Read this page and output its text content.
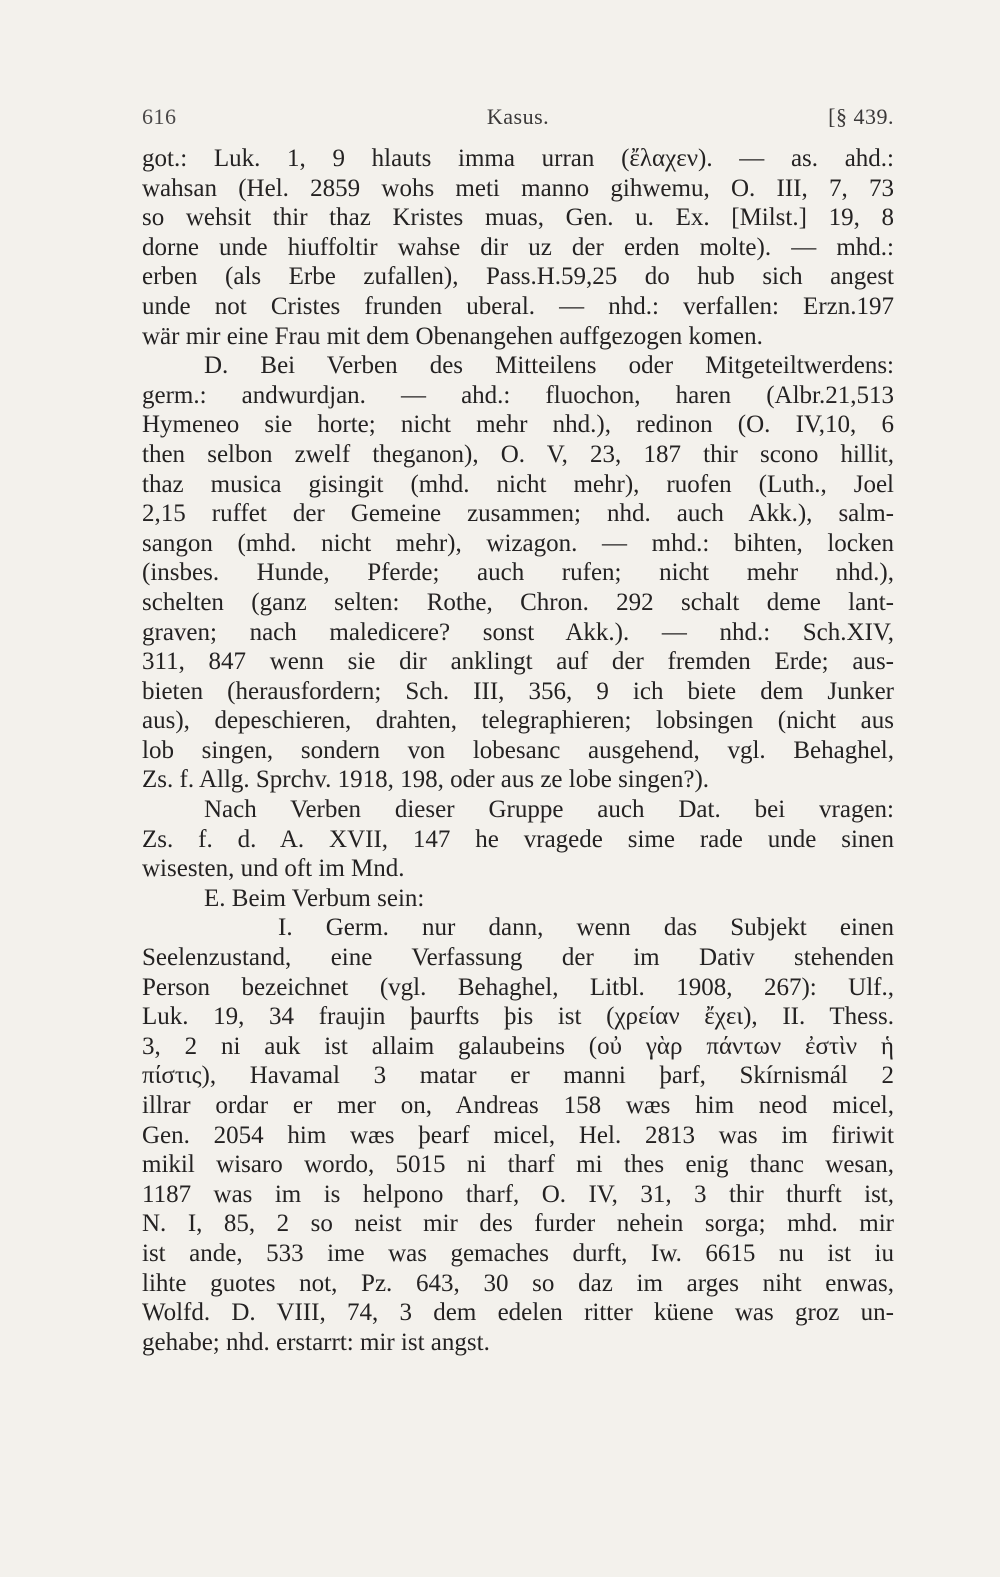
616	Kasus.	[§ 439.
got.: Luk. 1, 9 hlauts imma urran (ἔλαχεν). — as. ahd.:
wahsan (Hel. 2859 wohs meti manno gihwemu, O. III, 7, 73
so wehsit thir thaz Kristes muas, Gen. u. Ex. [Milst.] 19, 8
dorne unde hiuffoltir wahse dir uz der erden molte). — mhd.:
erben (als Erbe zufallen), Pass.H.59,25 do hub sich angest
unde not Cristes frunden uberal. — nhd.: verfallen: Erzn.197
wär mir eine Frau mit dem Obenangehen auffgezogen komen.
D. Bei Verben des Mitteilens oder Mitgeteiltwerdens:
germ.: andwurdjan. — ahd.: fluochon, haren (Albr.21,513
Hymeneo sie horte; nicht mehr nhd.), redinon (O. IV,10, 6
then selbon zwelf theganon), O. V, 23, 187 thir scono hillit,
thaz musica gisingit (mhd. nicht mehr), ruofen (Luth., Joel
2,15 ruffet der Gemeine zusammen; nhd. auch Akk.), salm-
sangon (mhd. nicht mehr), wizagon. — mhd.: bihten, locken
(insbes. Hunde, Pferde; auch rufen; nicht mehr nhd.),
schelten (ganz selten: Rothe, Chron. 292 schalt deme lant-
graven; nach maledicere? sonst Akk.). — nhd.: Sch.XIV,
311, 847 wenn sie dir anklingt auf der fremden Erde; aus-
bieten (herausfordern; Sch. III, 356, 9 ich biete dem Junker
aus), depeschieren, drahten, telegraphieren; lobsingen (nicht aus
lob singen, sondern von lobesanc ausgehend, vgl. Behaghel,
Zs. f. Allg. Sprchv. 1918, 198, oder aus ze lobe singen?).
Nach Verben dieser Gruppe auch Dat. bei vragen:
Zs. f. d. A. XVII, 147 he vragede sime rade unde sinen
wisesten, und oft im Mnd.
E. Beim Verbum sein:
I. Germ. nur dann, wenn das Subjekt einen
Seelenzustand, eine Verfassung der im Dativ stehenden
Person bezeichnet (vgl. Behaghel, Litbl. 1908, 267): Ulf.,
Luk. 19, 34 fraujin þaurfts þis ist (χρείαν ἔχει), II. Thess.
3, 2 ni auk ist allaim galaubeins (οὐ γὰρ πάντων ἐστὶν ἡ
πίστις), Havamal 3 matar er manni þarf, Skírnismál 2
illrar ordar er mer on, Andreas 158 wæs him neod micel,
Gen. 2054 him wæs þearf micel, Hel. 2813 was im firiwit
mikil wisaro wordo, 5015 ni tharf mi thes enig thanc wesan,
1187 was im is helpono tharf, O. IV, 31, 3 thir thurft ist,
N. I, 85, 2 so neist mir des furder nehein sorga; mhd. mir
ist ande, 533 ime was gemaches durft, Iw. 6615 nu ist iu
lihte guotes not, Pz. 643, 30 so daz im arges niht enwas,
Wolfd. D. VIII, 74, 3 dem edelen ritter küene was groz un-
gehabe; nhd. erstarrt: mir ist angst.
